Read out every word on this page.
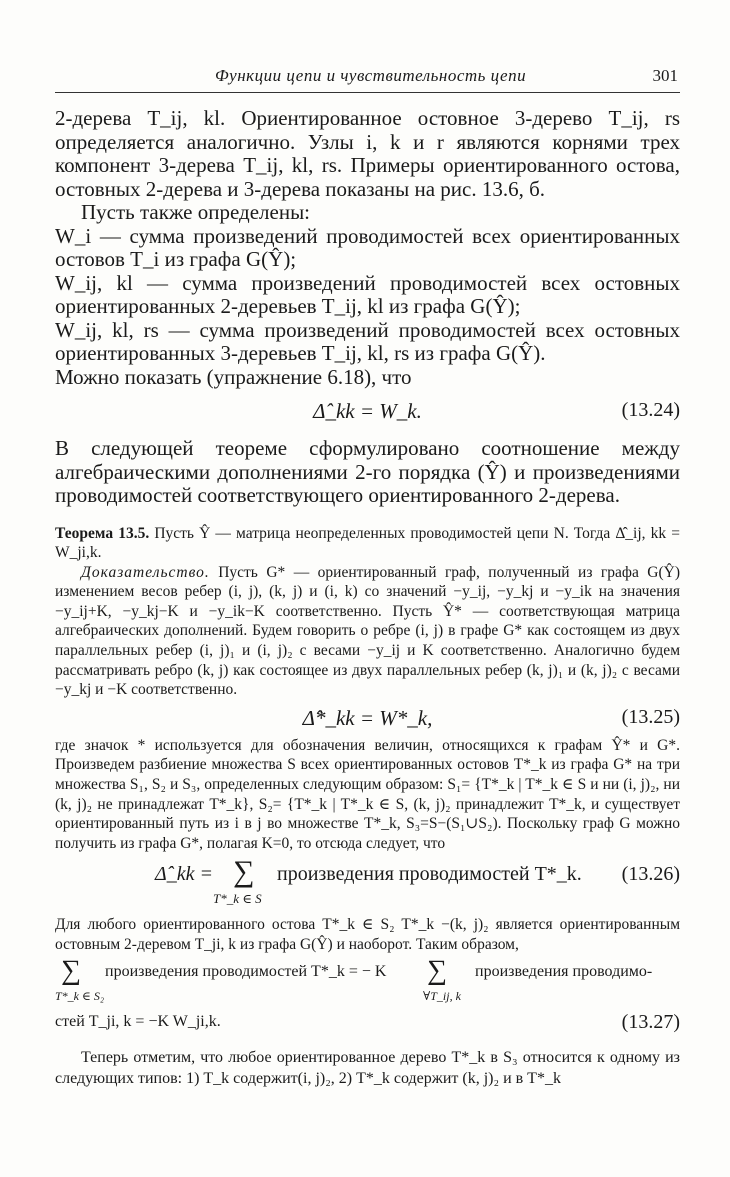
Функции цепи и чувствительность цепи	301

2-дерева T_ij, kl. Ориентированное остовное 3-дерево T_ij, rs определяется аналогично. Узлы i, k и r являются корнями трех компонент 3-дерева T_ij, kl, rs. Примеры ориентированного остова, остовных 2-дерева и 3-дерева показаны на рис. 13.6, б.

Пусть также определены:

W_i — сумма произведений проводимостей всех ориентированных остовов T_i из графа G(Ŷ);

W_ij, kl — сумма произведений проводимостей всех остовных ориентированных 2-деревьев T_ij, kl из графа G(Ŷ);

W_ij, kl, rs — сумма произведений проводимостей всех остовных ориентированных 3-деревьев T_ij, kl, rs из графа G(Ŷ).

Можно показать (упражнение 6.18), что

Δ̂_kk = W_k.	(13.24)

В следующей теореме сформулировано соотношение между алгебраическими дополнениями 2-го порядка (Ŷ) и произведениями проводимостей соответствующего ориентированного 2-дерева.

Теорема 13.5. Пусть Ŷ — матрица неопределенных проводимостей цепи N. Тогда Δ̂_ij, kk = W_ji,k.

Доказательство. Пусть G* — ориентированный граф, полученный из графа G(Ŷ) изменением весов ребер (i, j), (k, j) и (i, k) со значений −y_ij, −y_kj и −y_ik на значения −y_ij+K, −y_kj−K и −y_ik−K соответственно. Пусть Ŷ* — соответствующая матрица алгебраических дополнений. Будем говорить о ребре (i, j) в графе G* как состоящем из двух параллельных ребер (i, j)₁ и (i, j)₂ с весами −y_ij и K соответственно. Аналогично будем рассматривать ребро (k, j) как состоящее из двух параллельных ребер (k, j)₁ и (k, j)₂ с весами −y_kj и −K соответственно.

Δ̂*_kk = W*_k,	(13.25)

где значок * используется для обозначения величин, относящихся к графам Ŷ* и G*. Произведем разбиение множества S всех ориентированных остовов T*_k из графа G* на три множества S₁, S₂ и S₃, определенных следующим образом: S₁= {T*_k | T*_k ∈ S и ни (i, j)₂, ни (k, j)₂ не принадлежат T*_k}, S₂= {T*_k | T*_k ∈ S, (k, j)₂ принадлежит T*_k, и существует ориентированный путь из i в j во множестве T*_k, S₃=S−(S₁∪S₂). Поскольку граф G можно получить из графа G*, полагая K=0, то отсюда следует, что

Δ̂_kk = ∑
T*_k ∈ S
произведения проводимостей T*_k. (13.26)

Для любого ориентированного остова T*_k ∈ S₂ T*_k −(k, j)₂ является ориентированным остовным 2-деревом T_ji, k из графа G(Ŷ) и наоборот. Таким образом,

∑
T*_k ∈ S₂
произведения проводимостей T*_k = − K ∑
∀T_ij, k
произведения проводимо-
стей T_ji, k = −K W_ji,k.	(13.27)

Теперь отметим, что любое ориентированное дерево T*_k в S₃ относится к одному из следующих типов: 1) T_k содержит(i, j)₂, 2) T*_k содержит (k, j)₂ и в T*_k
